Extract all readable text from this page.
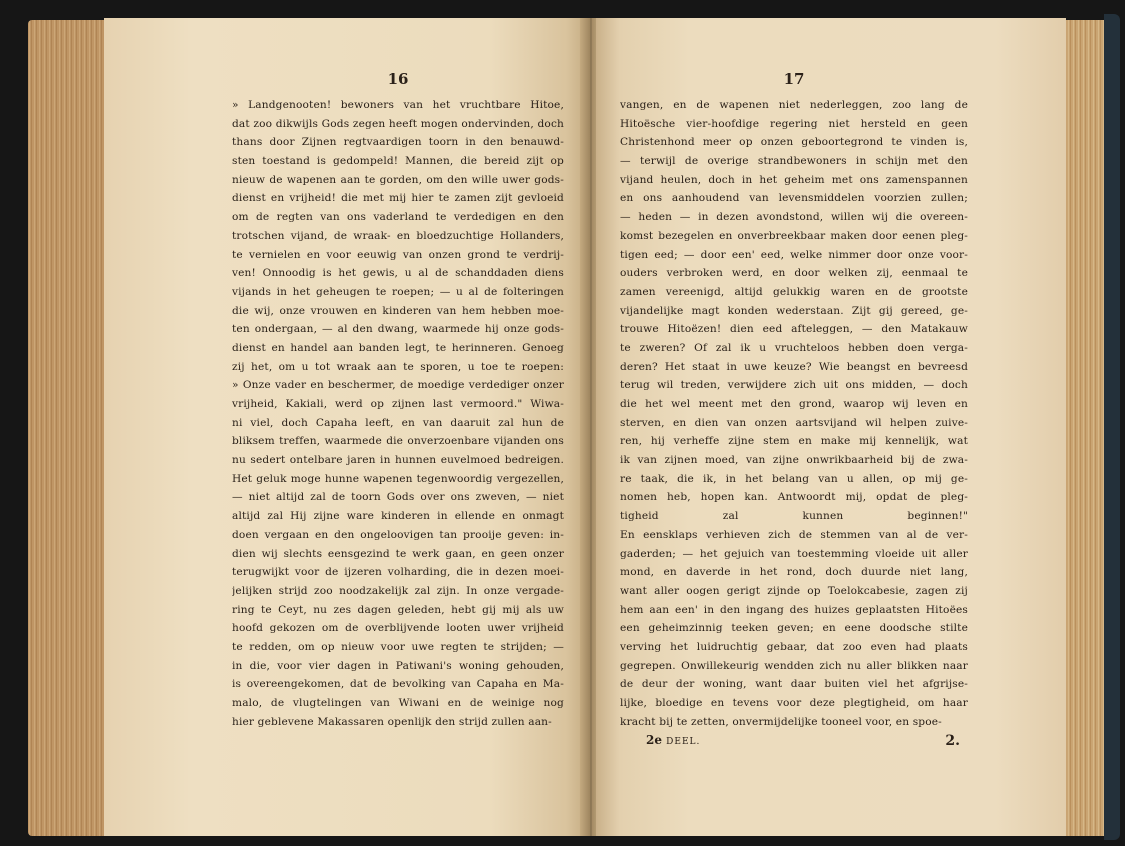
16
» Landgenooten! bewoners van het vruchtbare Hitoe,
dat zoo dikwijls Gods zegen heeft mogen ondervinden, doch
thans door Zijnen regtvaardigen toorn in den benauwd-
sten toestand is gedompeld! Mannen, die bereid zijt op
nieuw de wapenen aan te gorden, om den wille uwer gods-
dienst en vrijheid! die met mij hier te zamen zijt gevloeid
om de regten van ons vaderland te verdedigen en den
trotschen vijand, de wraak- en bloedzuchtige Hollanders,
te vernielen en voor eeuwig van onzen grond te verdrij-
ven! Onnoodig is het gewis, u al de schanddaden diens
vijands in het geheugen te roepen; — u al de folteringen
die wij, onze vrouwen en kinderen van hem hebben moe-
ten ondergaan, — al den dwang, waarmede hij onze gods-
dienst en handel aan banden legt, te herinneren. Genoeg
zij het, om u tot wraak aan te sporen, u toe te roepen:
» Onze vader en beschermer, de moedige verdediger onzer
vrijheid, Kakiali, werd op zijnen last vermoord." Wiwa-
ni viel, doch Capaha leeft, en van daaruit zal hun de
bliksem treffen, waarmede die onverzoenbare vijanden ons
nu sedert ontelbare jaren in hunnen euvelmoed bedreigen.
Het geluk moge hunne wapenen tegenwoordig vergezellen,
— niet altijd zal de toorn Gods over ons zweven, — niet
altijd zal Hij zijne ware kinderen in ellende en onmagt
doen vergaan en den ongeloovigen tan prooije geven: in-
dien wij slechts eensgezind te werk gaan, en geen onzer
terugwijkt voor de ijzeren volharding, die in dezen moei-
jelijken strijd zoo noodzakelijk zal zijn. In onze vergade-
ring te Ceyt, nu zes dagen geleden, hebt gij mij als uw
hoofd gekozen om de overblijvende looten uwer vrijheid
te redden, om op nieuw voor uwe regten te strijden; —
in die, voor vier dagen in Patiwani's woning gehouden,
is overeengekomen, dat de bevolking van Capaha en Ma-
malo, de vlugtelingen van Wiwani en de weinige nog
hier geblevene Makassaren openlijk den strijd zullen aan-
17
vangen, en de wapenen niet nederleggen, zoo lang de
Hitoësche vier-hoofdige regering niet hersteld en geen
Christenhond meer op onzen geboortegrond te vinden is,
— terwijl de overige strandbewoners in schijn met den
vijand heulen, doch in het geheim met ons zamenspannen
en ons aanhoudend van levensmiddelen voorzien zullen;
— heden — in dezen avondstond, willen wij die overeen-
komst bezegelen en onverbreekbaar maken door eenen pleg-
tigen eed; — door een' eed, welke nimmer door onze voor-
ouders verbroken werd, en door welken zij, eenmaal te
zamen vereenigd, altijd gelukkig waren en de grootste
vijandelijke magt konden wederstaan. Zijt gij gereed, ge-
trouwe Hitoëzen! dien eed afteleggen, — den Matakauw
te zweren? Of zal ik u vruchteloos hebben doen verga-
deren? Het staat in uwe keuze? Wie beangst en bevreesd
terug wil treden, verwijdere zich uit ons midden, — doch
die het wel meent met den grond, waarop wij leven en
sterven, en dien van onzen aartsvijand wil helpen zuive-
ren, hij verheffe zijne stem en make mij kennelijk, wat
ik van zijnen moed, van zijne onwrikbaarheid bij de zwa-
re taak, die ik, in het belang van u allen, op mij ge-
nomen heb, hopen kan. Antwoordt mij, opdat de pleg-
tigheid zal kunnen beginnen!"
En eensklaps verhieven zich de stemmen van al de ver-
gaderden; — het gejuich van toestemming vloeide uit aller
mond, en daverde in het rond, doch duurde niet lang,
want aller oogen gerigt zijnde op Toelokcabesie, zagen zij
hem aan een' in den ingang des huizes geplaatsten Hitoëes
een geheimzinnig teeken geven; en eene doodsche stilte
verving het luidruchtig gebaar, dat zoo even had plaats
gegrepen. Onwillekeurig wendden zich nu aller blikken naar
de deur der woning, want daar buiten viel het afgrijse-
lijke, bloedige en tevens voor deze plegtigheid, om haar
kracht bij te zetten, onvermijdelijke tooneel voor, en spoe-
2e DEEL.	2.
